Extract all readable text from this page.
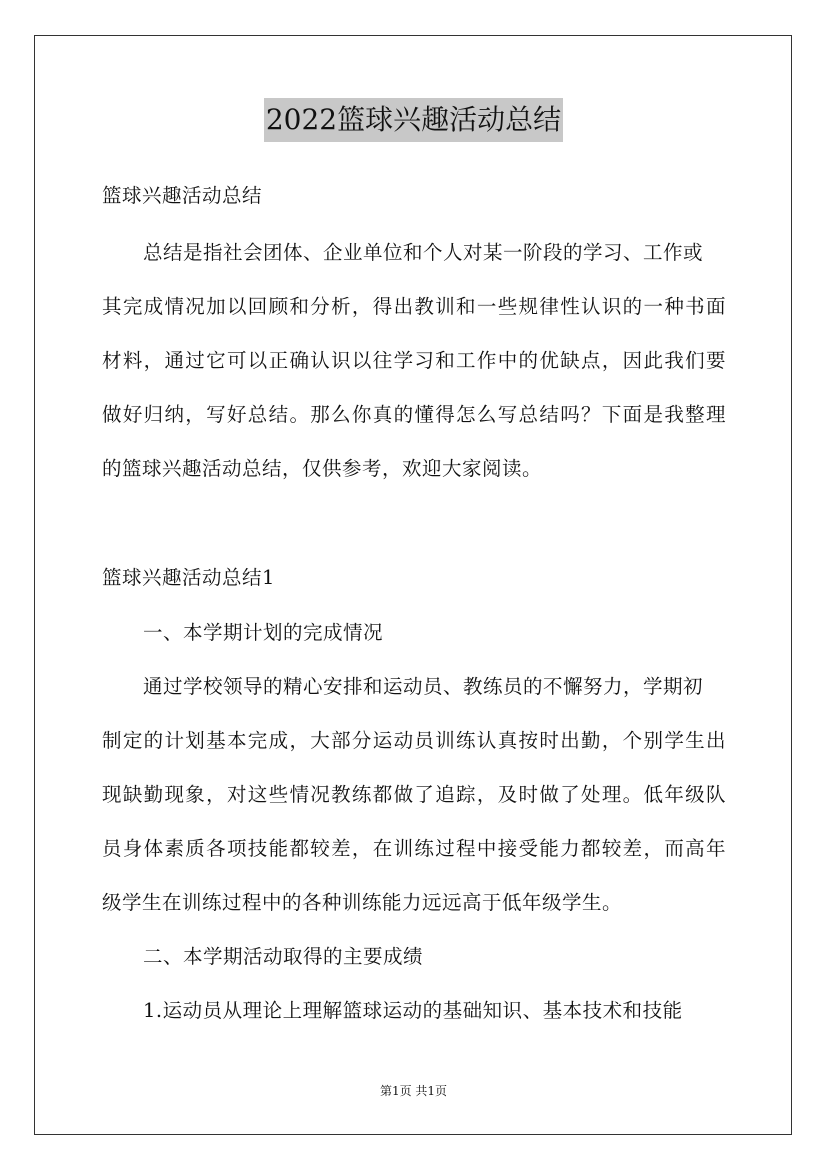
2022篮球兴趣活动总结
篮球兴趣活动总结
总结是指社会团体、企业单位和个人对某一阶段的学习、工作或
其完成情况加以回顾和分析，得出教训和一些规律性认识的一种书面
材料，通过它可以正确认识以往学习和工作中的优缺点，因此我们要
做好归纳，写好总结。那么你真的懂得怎么写总结吗？下面是我整理
的篮球兴趣活动总结，仅供参考，欢迎大家阅读。
篮球兴趣活动总结1
一、本学期计划的完成情况
通过学校领导的精心安排和运动员、教练员的不懈努力，学期初
制定的计划基本完成，大部分运动员训练认真按时出勤，个别学生出
现缺勤现象，对这些情况教练都做了追踪，及时做了处理。低年级队
员身体素质各项技能都较差，在训练过程中接受能力都较差，而高年
级学生在训练过程中的各种训练能力远远高于低年级学生。
二、本学期活动取得的主要成绩
1.运动员从理论上理解篮球运动的基础知识、基本技术和技能
第1页 共1页
